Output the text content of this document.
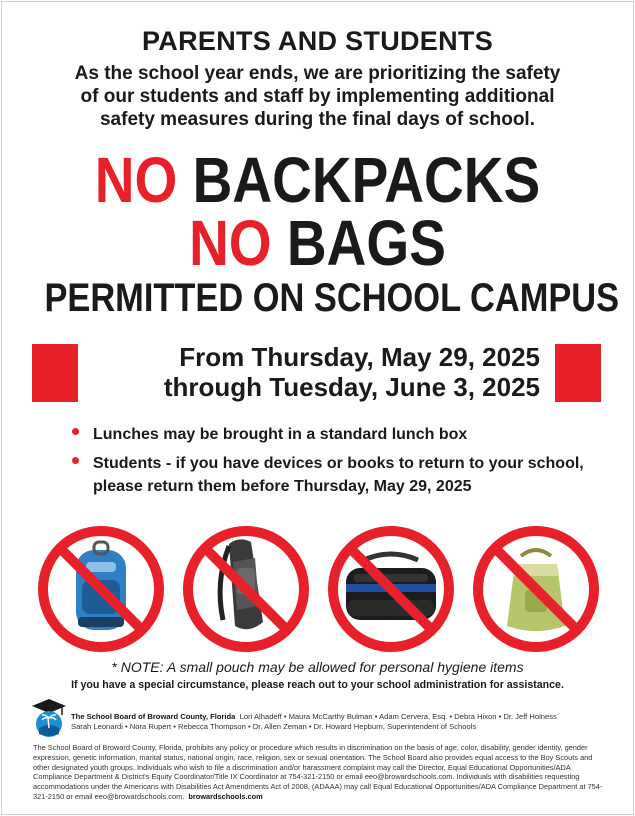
PARENTS AND STUDENTS
As the school year ends, we are prioritizing the safety
of our students and staff by implementing additional
safety measures during the final days of school.
NO BACKPACKS
NO BAGS
PERMITTED ON SCHOOL CAMPUS
From Thursday, May 29, 2025
through Tuesday, June 3, 2025
Lunches may be brought in a standard lunch box
Students - if you have devices or books to return to your school, please return them before Thursday, May 29, 2025
* NOTE: A small pouch may be allowed for personal hygiene items
If you have a special circumstance, please reach out to your school administration for assistance.
The School Board of Broward County, Florida Lori Alhadeff • Maura McCarthy Bulman • Adam Cervera, Esq. • Debra Hixon • Dr. Jeff Holness
Sarah Leonardi • Nora Rupert • Rebecca Thompson • Dr. Allen Zeman • Dr. Howard Hepburn, Superintendent of Schools
The School Board of Broward County, Florida, prohibits any policy or procedure which results in discrimination on the basis of age, color, disability, gender identity, gender expression, genetic information, marital status, national origin, race, religion, sex or sexual orientation. The School Board also provides equal access to the Boy Scouts and other designated youth groups. Individuals who wish to file a discrimination and/or harassment complaint may call the Director, Equal Educational Opportunities/ADA Compliance Department & District's Equity Coordinator/Title IX Coordinator at 754-321-2150 or email eeo@browardschools.com. Individuals with disabilities requesting accommodations under the Americans with Disabilities Act Amendments Act of 2008, (ADAAA) may call Equal Educational Opportunities/ADA Compliance Department at 754-321-2150 or email eeo@browardschools.com. browardschools.com
